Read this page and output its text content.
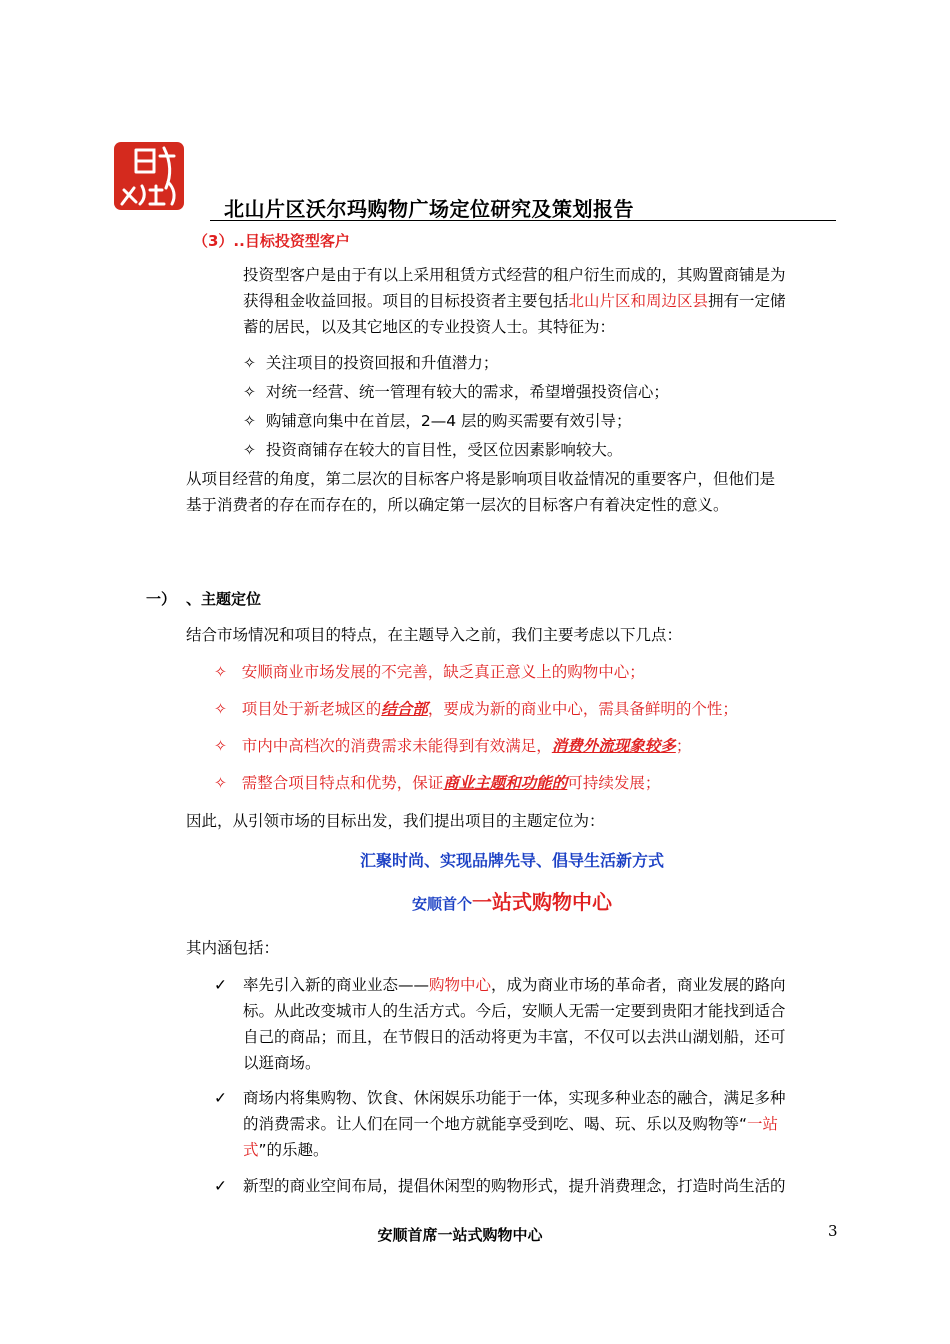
北山片区沃尔玛购物广场定位研究及策划报告
（3）..目标投资型客户
投资型客户是由于有以上采用租赁方式经营的租户衍生而成的，其购置商铺是为
获得租金收益回报。项目的目标投资者主要包括北山片区和周边区县拥有一定储
蓄的居民，以及其它地区的专业投资人士。其特征为：
✧ 关注项目的投资回报和升值潜力；
✧ 对统一经营、统一管理有较大的需求，希望增强投资信心；
✧ 购铺意向集中在首层，2—4 层的购买需要有效引导；
✧ 投资商铺存在较大的盲目性，受区位因素影响较大。
从项目经营的角度，第二层次的目标客户将是影响项目收益情况的重要客户，但他们是
基于消费者的存在而存在的，所以确定第一层次的目标客户有着决定性的意义。
一） 、主题定位
结合市场情况和项目的特点，在主题导入之前，我们主要考虑以下几点：
✧ 安顺商业市场发展的不完善，缺乏真正意义上的购物中心；
✧ 项目处于新老城区的结合部，要成为新的商业中心，需具备鲜明的个性；
✧ 市内中高档次的消费需求未能得到有效满足，消费外流现象较多；
✧ 需整合项目特点和优势，保证商业主题和功能的可持续发展；
因此，从引领市场的目标出发，我们提出项目的主题定位为：
汇聚时尚、实现品牌先导、倡导生活新方式
安顺首个一站式购物中心
其内涵包括：
✓ 率先引入新的商业业态——购物中心，成为商业市场的革命者，商业发展的路向
标。从此改变城市人的生活方式。今后，安顺人无需一定要到贵阳才能找到适合
自己的商品；而且，在节假日的活动将更为丰富，不仅可以去洪山湖划船，还可
以逛商场。
✓ 商场内将集购物、饮食、休闲娱乐功能于一体，实现多种业态的融合，满足多种
的消费需求。让人们在同一个地方就能享受到吃、喝、玩、乐以及购物等“一站
式”的乐趣。
✓ 新型的商业空间布局，提倡休闲型的购物形式，提升消费理念，打造时尚生活的
安顺首席一站式购物中心	3
